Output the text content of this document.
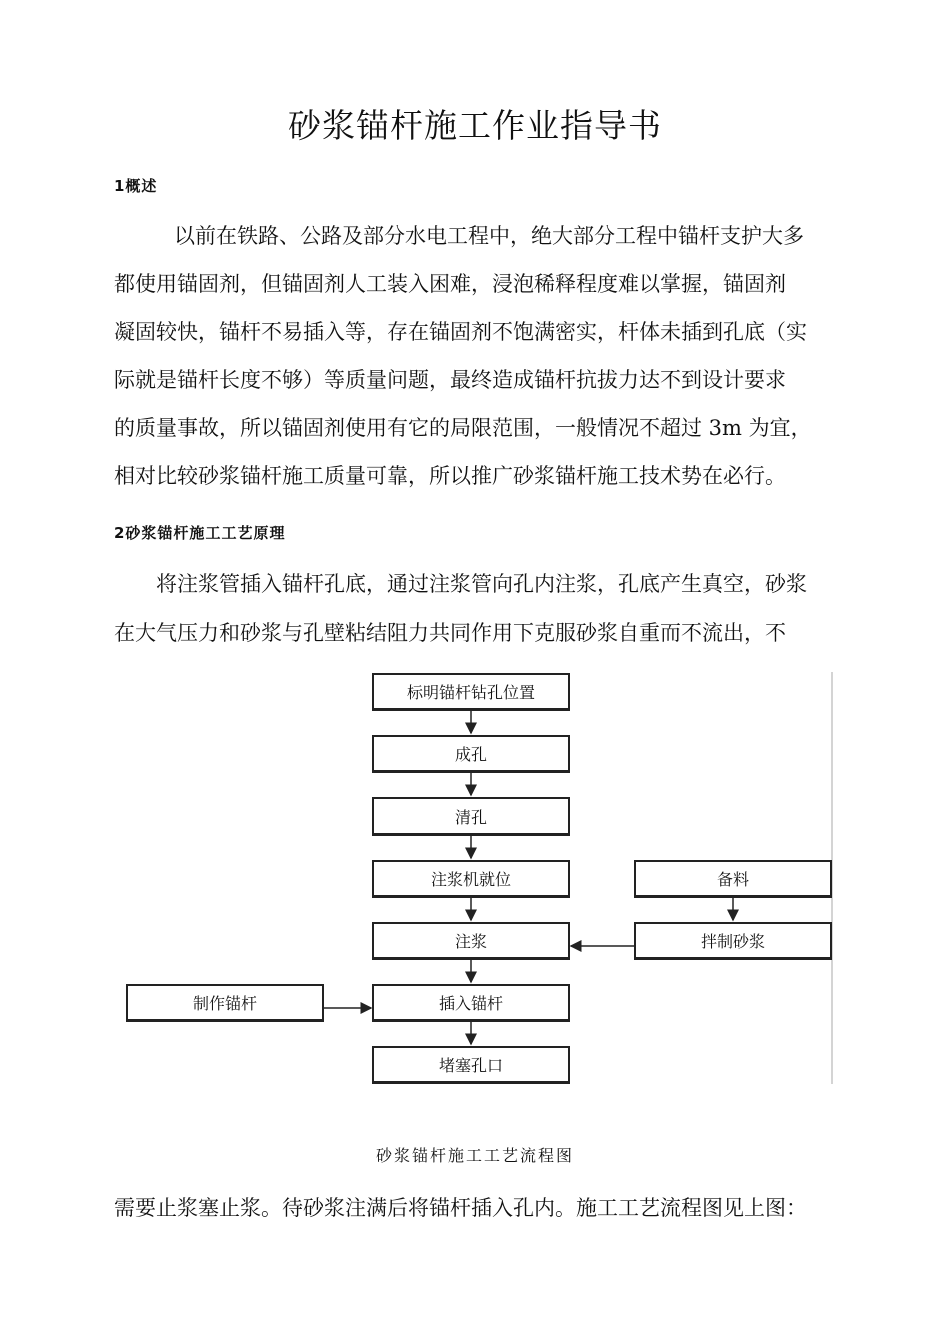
砂浆锚杆施工作业指导书
1概述
以前在铁路、公路及部分水电工程中，绝大部分工程中锚杆支护大多
都使用锚固剂，但锚固剂人工装入困难，浸泡稀释程度难以掌握，锚固剂
凝固较快，锚杆不易插入等，存在锚固剂不饱满密实，杆体未插到孔底（实
际就是锚杆长度不够）等质量问题，最终造成锚杆抗拔力达不到设计要求
的质量事故，所以锚固剂使用有它的局限范围，一般情况不超过 3m 为宜，
相对比较砂浆锚杆施工质量可靠，所以推广砂浆锚杆施工技术势在必行。
2砂浆锚杆施工工艺原理
将注浆管插入锚杆孔底，通过注浆管向孔内注浆，孔底产生真空，砂浆
在大气压力和砂浆与孔壁粘结阻力共同作用下克服砂浆自重而不流出，不
标明锚杆钻孔位置
成孔
清孔
注浆机就位
注浆
插入锚杆
堵塞孔口
备料
拌制砂浆
制作锚杆
砂浆锚杆施工工艺流程图
需要止浆塞止浆。待砂浆注满后将锚杆插入孔内。施工工艺流程图见上图：
